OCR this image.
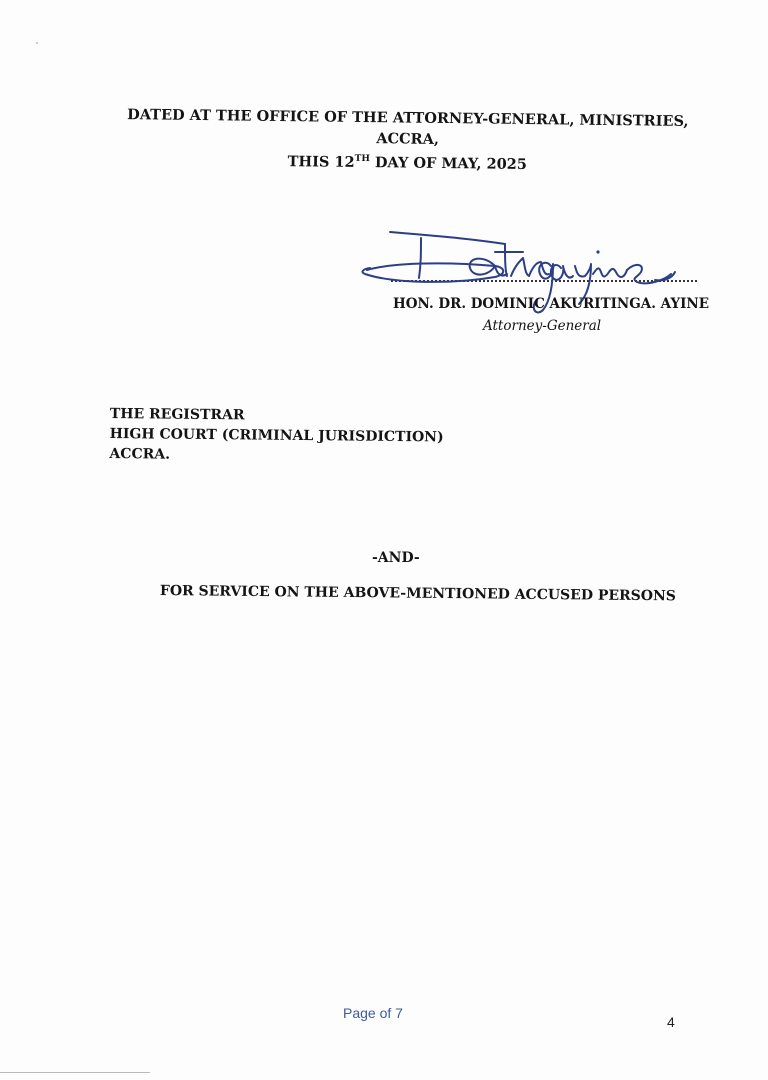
DATED AT THE OFFICE OF THE ATTORNEY-GENERAL, MINISTRIES, ACCRA,
THIS 12TH DAY OF MAY, 2025
HON. DR. DOMINIC AKURITINGA. AYINE
Attorney-General
THE REGISTRAR
HIGH COURT (CRIMINAL JURISDICTION)
ACCRA.
-AND-
FOR SERVICE ON THE ABOVE-MENTIONED ACCUSED PERSONS
Page of 7
4
